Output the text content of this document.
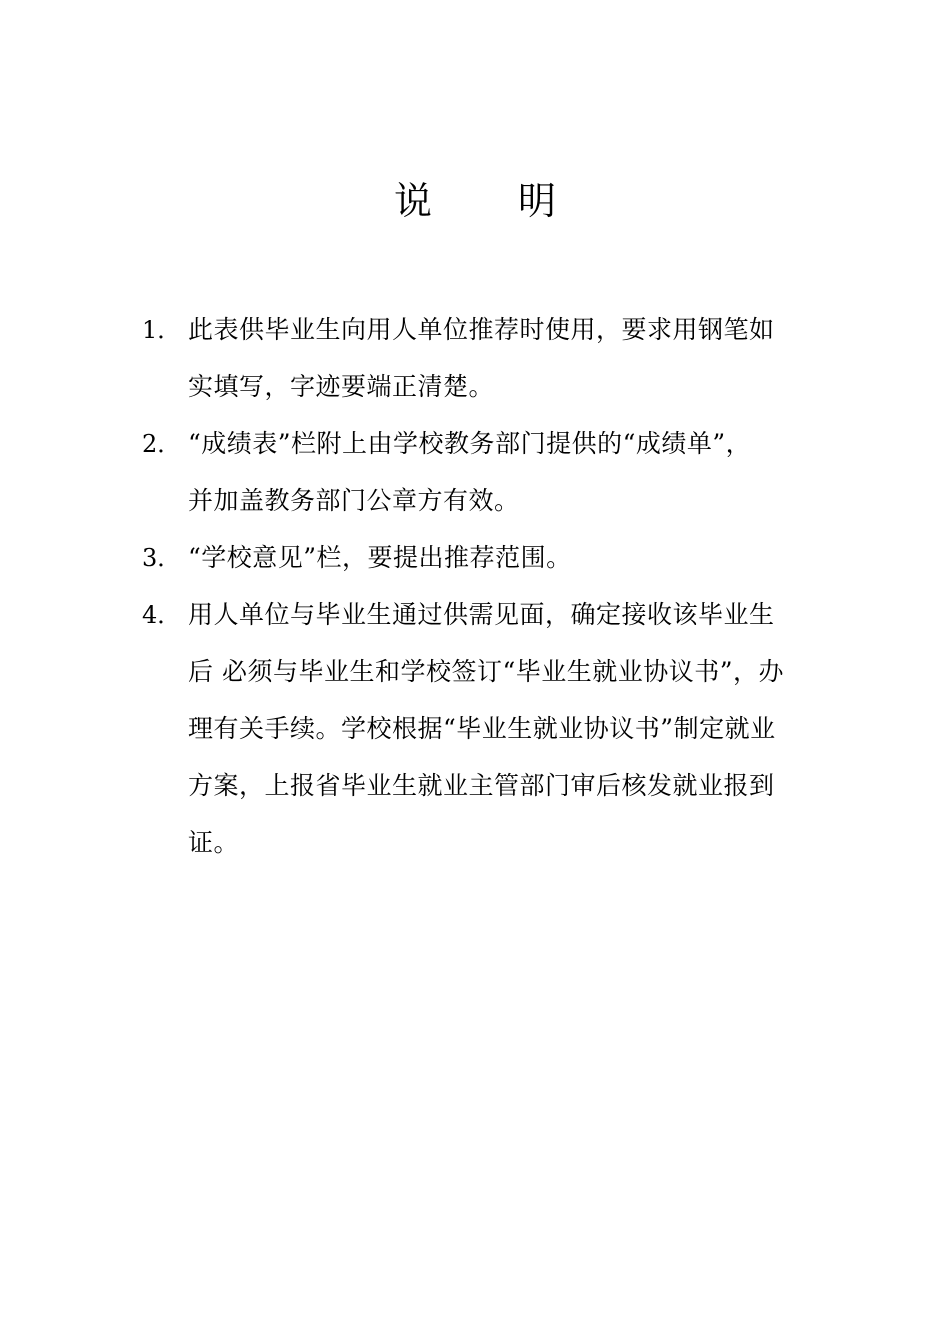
说 明
1． 此表供毕业生向用人单位推荐时使用，要求用钢笔如
实填写，字迹要端正清楚。
2． “成绩表”栏附上由学校教务部门提供的“成绩单”，
并加盖教务部门公章方有效。
3． “学校意见”栏，要提出推荐范围。
4． 用人单位与毕业生通过供需见面，确定接收该毕业生
后 必须与毕业生和学校签订“毕业生就业协议书”，办
理有关手续。学校根据“毕业生就业协议书”制定就业
方案，上报省毕业生就业主管部门审后核发就业报到
证。
